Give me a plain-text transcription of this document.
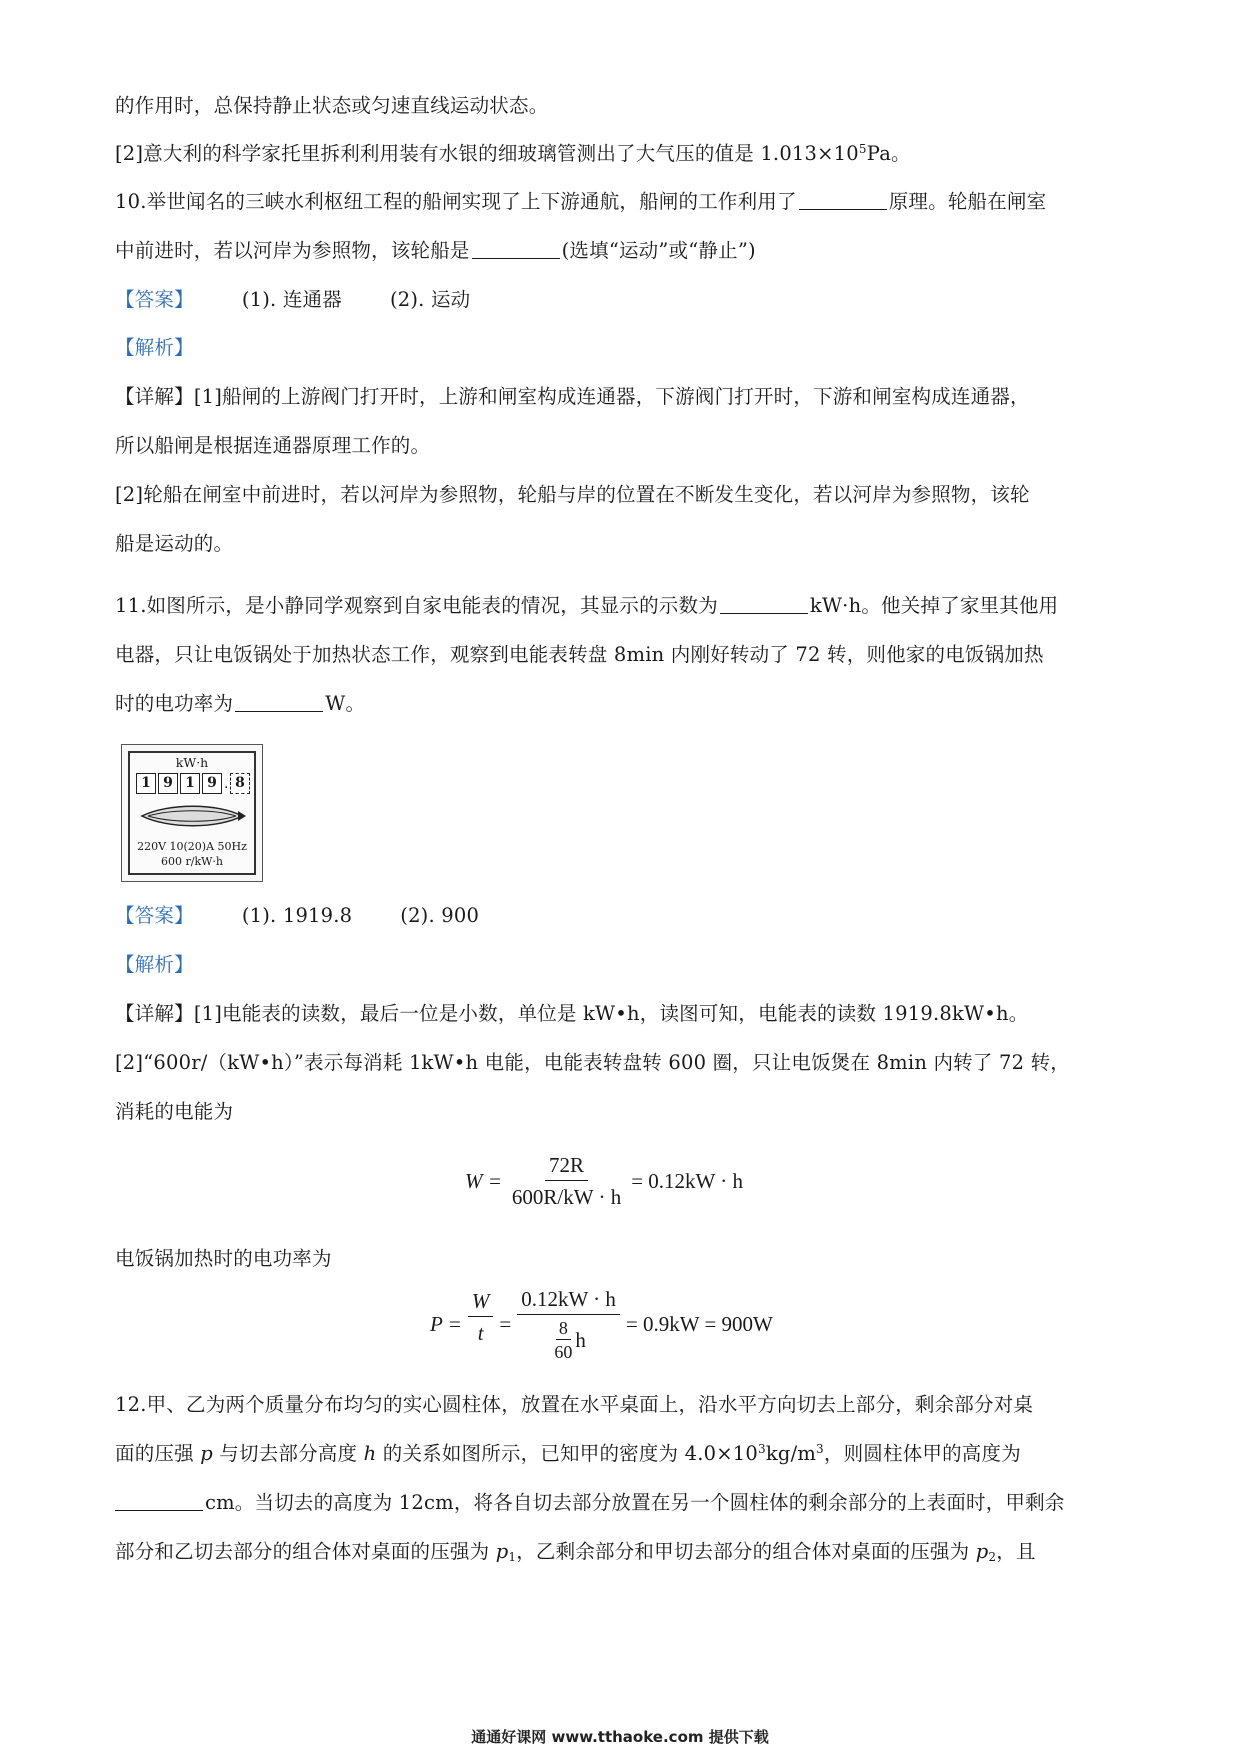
的作用时，总保持静止状态或匀速直线运动状态。
[2]意大利的科学家托里拆利利用装有水银的细玻璃管测出了大气压的值是 $1.013\times 10^5Pa$。
10.举世闻名的三峡水利枢纽工程的船闸实现了上下游通航，船闸的工作利用了	原理。轮船在闸室
中前进时，若以河岸为参照物，该轮船是	(选填“运动”或“静止”)
【答案】 (1). 连通器 (2). 运动
【解析】
【详解】[1]船闸的上游阀门打开时，上游和闸室构成连通器，下游阀门打开时，下游和闸室构成连通器，
所以船闸是根据连通器原理工作的。
[2]轮船在闸室中前进时，若以河岸为参照物，轮船与岸的位置在不断发生变化，若以河岸为参照物，该轮
船是运动的。
11.如图所示，是小静同学观察到自家电能表的情况，其显示的示数为	kW·h。他关掉了家里其他用
电器，只让电饭锅处于加热状态工作，观察到电能表转盘 8min 内刚好转动了 72 转，则他家的电饭锅加热
时的电功率为	W。
kW·h
1 9 1 9 . 8
220V 10(20)A 50Hz
600 r/kW·h
【答案】 (1). 1919.8 (2). 900
【解析】
【详解】[1]电能表的读数，最后一位是小数，单位是 kW•h，读图可知，电能表的读数 1919.8kW•h。
[2]“600r/（kW•h）”表示每消耗 1kW•h 电能，电能表转盘转 600 圈，只让电饭煲在 8min 内转了 72 转，
消耗的电能为
$W = \frac{72R}{600R/kW \cdot h} = 0.12kW \cdot h$
电饭锅加热时的电功率为
$P = \frac{W}{t} = \frac{0.12kW \cdot h}{\frac{8}{60} h} = 0.9kW = 900W$
12.甲、乙为两个质量分布均匀的实心圆柱体，放置在水平桌面上，沿水平方向切去上部分，剩余部分对桌
面的压强 p 与切去部分高度 h 的关系如图所示，已知甲的密度为 $4.0\times 10^3kg/m^3$，则圆柱体甲的高度为
cm。当切去的高度为 12cm，将各自切去部分放置在另一个圆柱体的剩余部分的上表面时，甲剩余
部分和乙切去部分的组合体对桌面的压强为 $p_1$，乙剩余部分和甲切去部分的组合体对桌面的压强为 $p_2$，且
通通好课网 www.tthaoke.com 提供下载
